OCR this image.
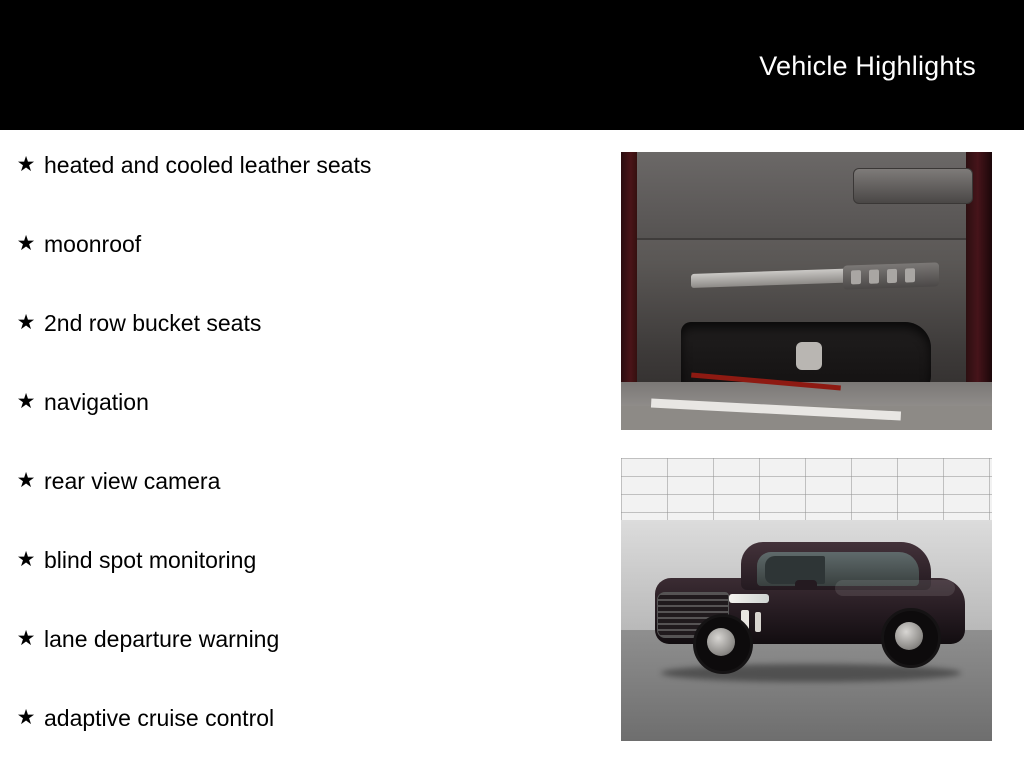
Vehicle Highlights
★ heated and cooled leather seats
★ moonroof
★ 2nd row bucket seats
★ navigation
★ rear view camera
★ blind spot monitoring
★ lane departure warning
★ adaptive cruise control
